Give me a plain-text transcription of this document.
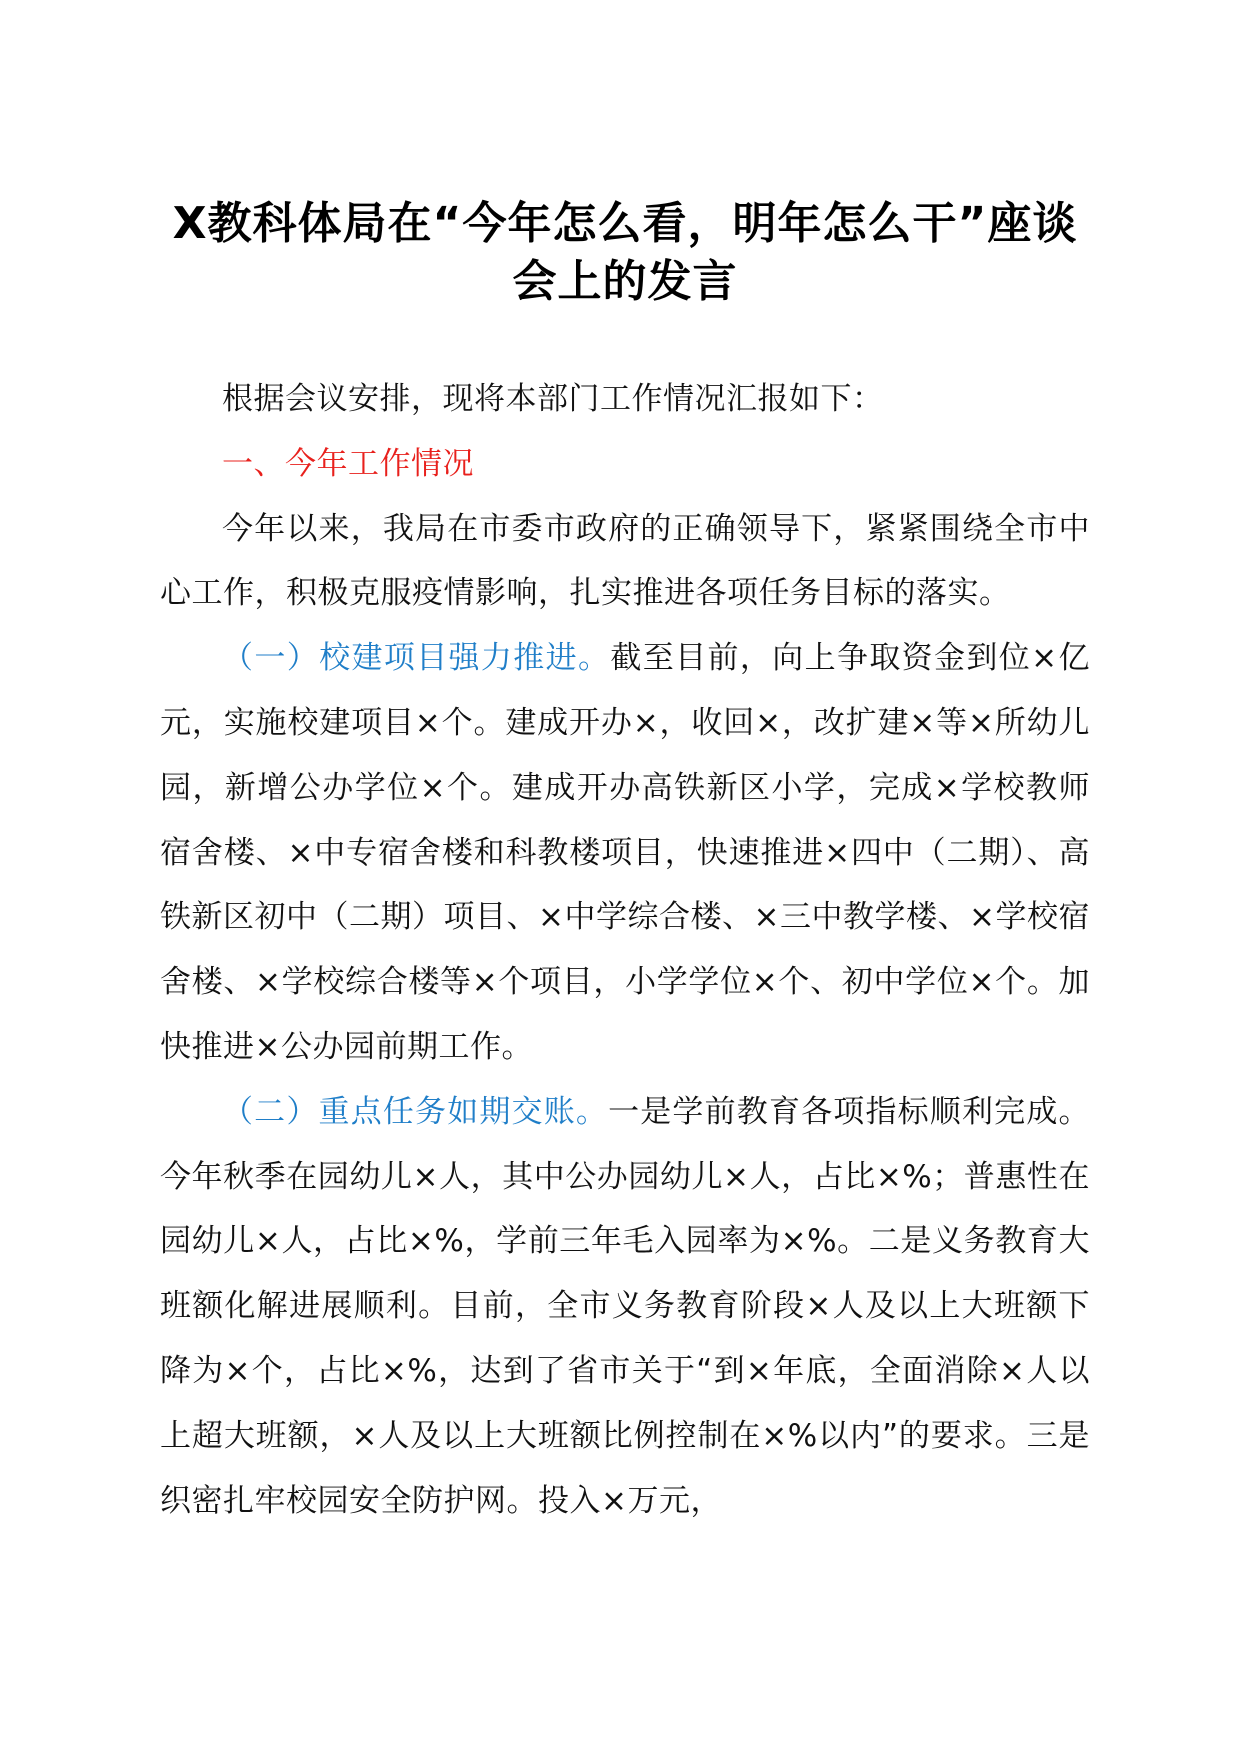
X教科体局在“今年怎么看，明年怎么干”座谈会上的发言

根据会议安排，现将本部门工作情况汇报如下：

一、今年工作情况

今年以来，我局在市委市政府的正确领导下，紧紧围绕全市中心工作，积极克服疫情影响，扎实推进各项任务目标的落实。

（一）校建项目强力推进。截至目前，向上争取资金到位×亿元，实施校建项目×个。建成开办×，收回×，改扩建×等×所幼儿园，新增公办学位×个。建成开办高铁新区小学，完成×学校教师宿舍楼、×中专宿舍楼和科教楼项目，快速推进×四中（二期）、高铁新区初中（二期）项目、×中学综合楼、×三中教学楼、×学校宿舍楼、×学校综合楼等×个项目，小学学位×个、初中学位×个。加快推进×公办园前期工作。

（二）重点任务如期交账。一是学前教育各项指标顺利完成。今年秋季在园幼儿×人，其中公办园幼儿×人，占比×%；普惠性在园幼儿×人，占比×%，学前三年毛入园率为×%。二是义务教育大班额化解进展顺利。目前，全市义务教育阶段×人及以上大班额下降为×个，占比×%，达到了省市关于“到×年底，全面消除×人以上超大班额，×人及以上大班额比例控制在×%以内”的要求。三是织密扎牢校园安全防护网。投入×万元，
